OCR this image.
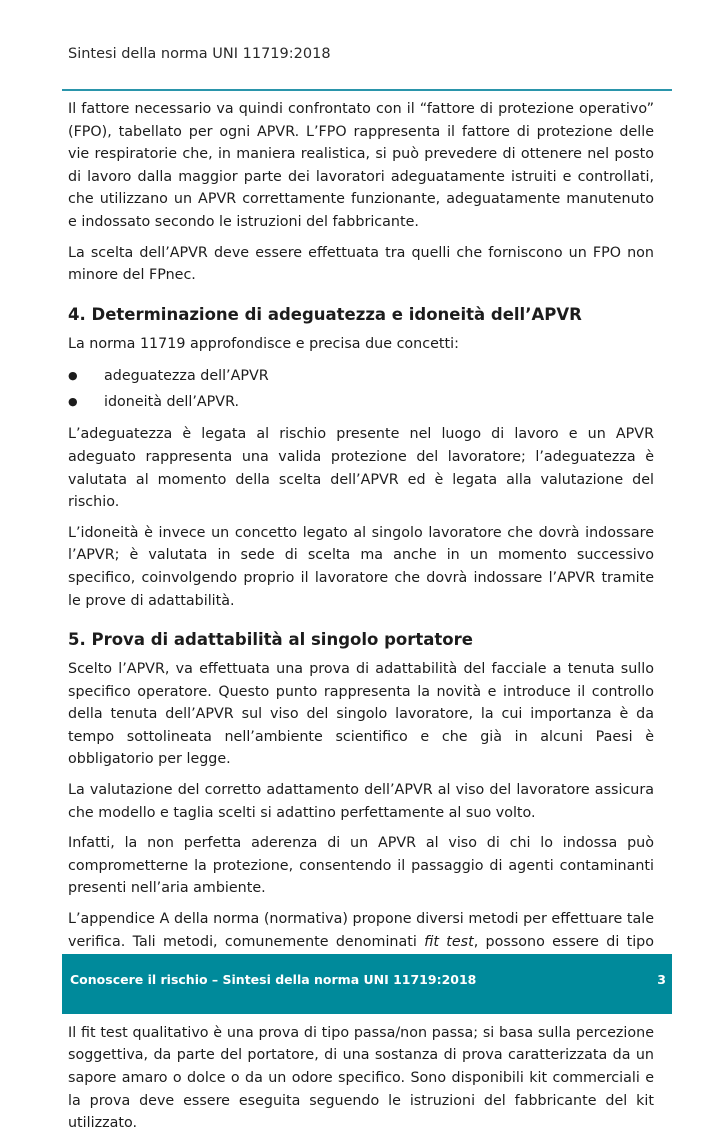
Sintesi della norma UNI 11719:2018

Il fattore necessario va quindi confrontato con il “fattore di protezione operativo” (FPO), tabellato per ogni APVR. L’FPO rappresenta il fattore di protezione delle vie respiratorie che, in maniera realistica, si può prevedere di ottenere nel posto di lavoro dalla maggior parte dei lavoratori adeguatamente istruiti e controllati, che utilizzano un APVR correttamente funzionante, adeguatamente manutenuto e indossato secondo le istruzioni del fabbricante.

La scelta dell’APVR deve essere effettuata tra quelli che forniscono un FPO non minore del FPnec.

4. Determinazione di adeguatezza e idoneità dell’APVR

La norma 11719 approfondisce e precisa due concetti:

● adeguatezza dell’APVR
● idoneità dell’APVR.

L’adeguatezza è legata al rischio presente nel luogo di lavoro e un APVR adeguato rappresenta una valida protezione del lavoratore; l’adeguatezza è valutata al momento della scelta dell’APVR ed è legata alla valutazione del rischio.

L’idoneità è invece un concetto legato al singolo lavoratore che dovrà indossare l’APVR; è valutata in sede di scelta ma anche in un momento successivo specifico, coinvolgendo proprio il lavoratore che dovrà indossare l’APVR tramite le prove di adattabilità.

5. Prova di adattabilità al singolo portatore

Scelto l’APVR, va effettuata una prova di adattabilità del facciale a tenuta sullo specifico operatore. Questo punto rappresenta la novità e introduce il controllo della tenuta dell’APVR sul viso del singolo lavoratore, la cui importanza è da tempo sottolineata nell’ambiente scientifico e che già in alcuni Paesi è obbligatorio per legge.

La valutazione del corretto adattamento dell’APVR al viso del lavoratore assicura che modello e taglia scelti si adattino perfettamente al suo volto.

Infatti, la non perfetta aderenza di un APVR al viso di chi lo indossa può comprometterne la protezione, consentendo il passaggio di agenti contaminanti presenti nell’aria ambiente.

L’appendice A della norma (normativa) propone diversi metodi per effettuare tale verifica. Tali metodi, comunemente denominati fit test, possono essere di tipo

Il fit test qualitativo è una prova di tipo passa/non passa; si basa sulla percezione soggettiva, da parte del portatore, di una sostanza di prova caratterizzata da un sapore amaro o dolce o da un odore specifico. Sono disponibili kit commerciali e la prova deve essere eseguita seguendo le istruzioni del fabbricante del kit utilizzato.

Conoscere il rischio – Sintesi della norma UNI 11719:2018	3
